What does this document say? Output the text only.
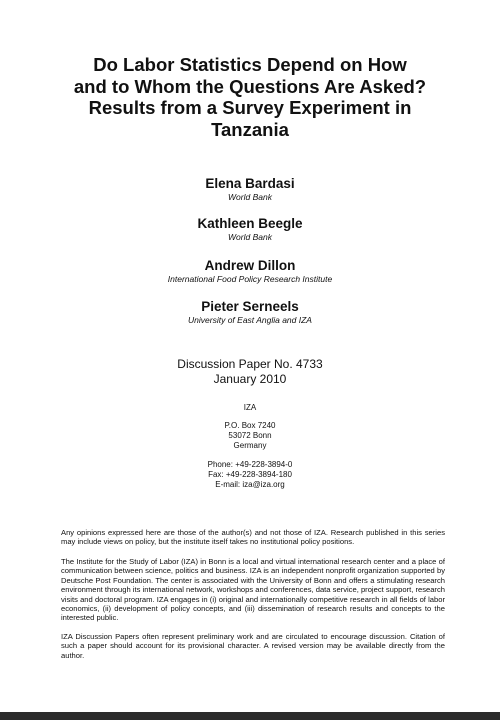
Do Labor Statistics Depend on How
and to Whom the Questions Are Asked?
Results from a Survey Experiment in
Tanzania
Elena Bardasi
World Bank
Kathleen Beegle
World Bank
Andrew Dillon
International Food Policy Research Institute
Pieter Serneels
University of East Anglia and IZA
Discussion Paper No. 4733
January 2010
IZA
P.O. Box 7240
53072 Bonn
Germany
Phone: +49-228-3894-0
Fax: +49-228-3894-180
E-mail: iza@iza.org

Any opinions expressed here are those of the author(s) and not those of IZA. Research published in this series may include views on policy, but the institute itself takes no institutional policy positions.

The Institute for the Study of Labor (IZA) in Bonn is a local and virtual international research center and a place of communication between science, politics and business. IZA is an independent nonprofit organization supported by Deutsche Post Foundation. The center is associated with the University of Bonn and offers a stimulating research environment through its international network, workshops and conferences, data service, project support, research visits and doctoral program. IZA engages in (i) original and internationally competitive research in all fields of labor economics, (ii) development of policy concepts, and (iii) dissemination of research results and concepts to the interested public.

IZA Discussion Papers often represent preliminary work and are circulated to encourage discussion. Citation of such a paper should account for its provisional character. A revised version may be available directly from the author.
